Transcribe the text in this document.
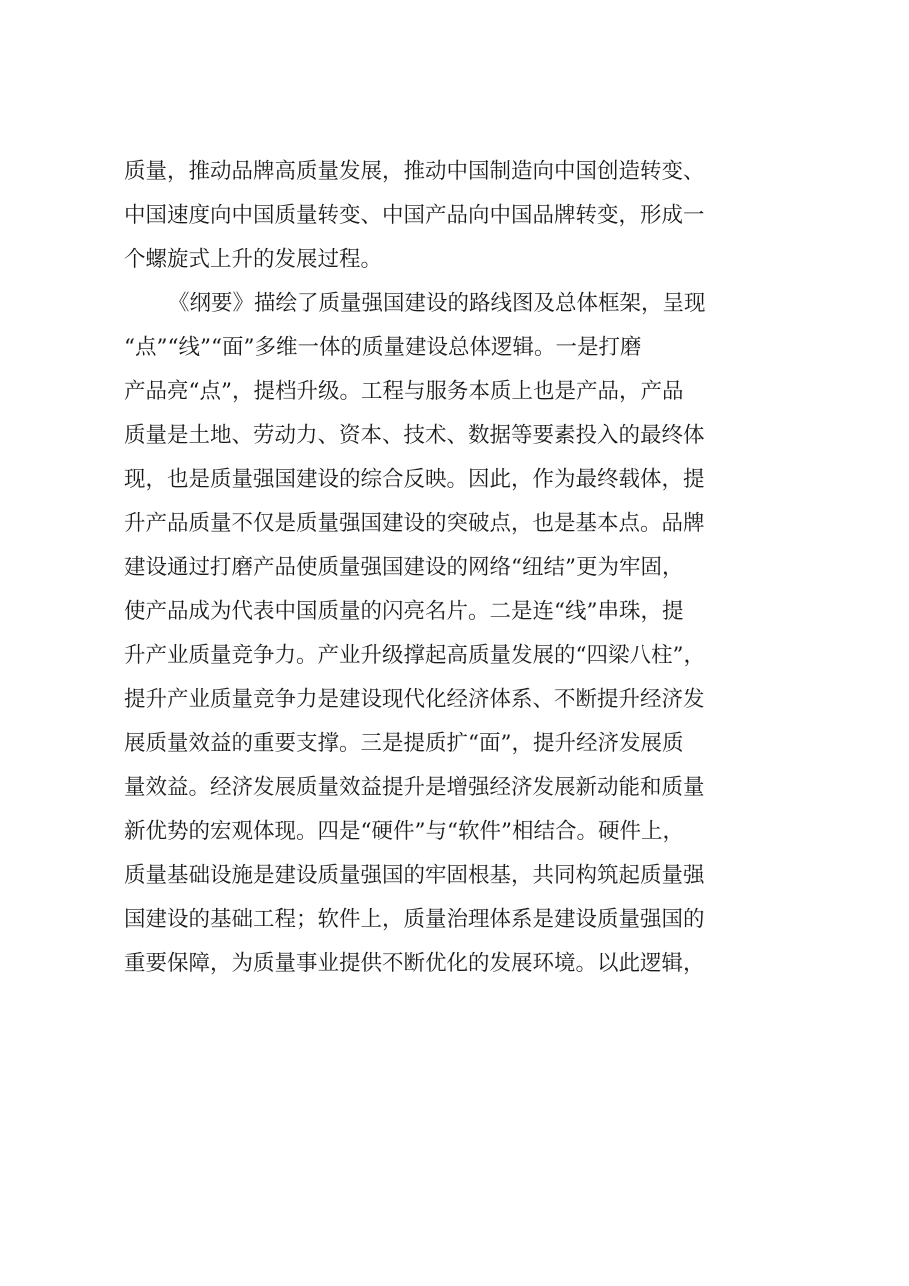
质量，推动品牌高质量发展，推动中国制造向中国创造转变、
中国速度向中国质量转变、中国产品向中国品牌转变，形成一
个螺旋式上升的发展过程。
《纲要》描绘了质量强国建设的路线图及总体框架，呈现
“点”“线”“面”多维一体的质量建设总体逻辑。一是打磨
产品亮“点”，提档升级。工程与服务本质上也是产品，产品
质量是土地、劳动力、资本、技术、数据等要素投入的最终体
现，也是质量强国建设的综合反映。因此，作为最终载体，提
升产品质量不仅是质量强国建设的突破点，也是基本点。品牌
建设通过打磨产品使质量强国建设的网络“纽结”更为牢固，
使产品成为代表中国质量的闪亮名片。二是连“线”串珠，提
升产业质量竞争力。产业升级撑起高质量发展的“四梁八柱”，
提升产业质量竞争力是建设现代化经济体系、不断提升经济发
展质量效益的重要支撑。三是提质扩“面”，提升经济发展质
量效益。经济发展质量效益提升是增强经济发展新动能和质量
新优势的宏观体现。四是“硬件”与“软件”相结合。硬件上，
质量基础设施是建设质量强国的牢固根基，共同构筑起质量强
国建设的基础工程；软件上，质量治理体系是建设质量强国的
重要保障，为质量事业提供不断优化的发展环境。以此逻辑，
